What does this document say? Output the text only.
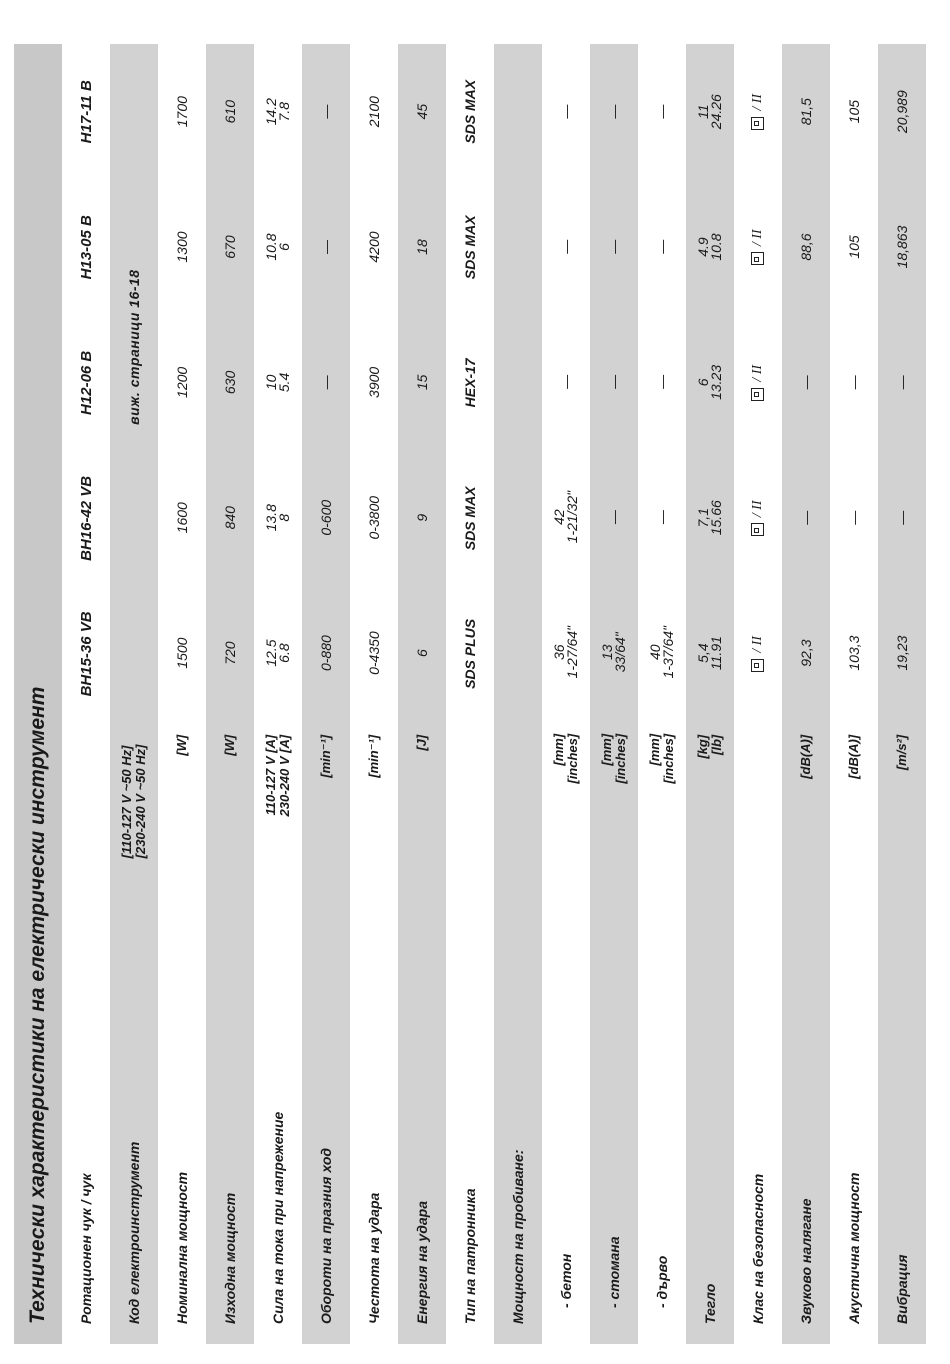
Технически характеристики на електрически инструмент	Ротационен чук / чук
BH15-36 VB
BH16-42 VB
H12-06 B
H13-05 B
H17-11 B
Код електроинструмент
[110-127 V ~50 Hz] [230-240 V ~50 Hz]
виж. страници 16-18
Номинална мощност
[W]
1500
1600
1200
1300
1700
Изходна мощност
[W]
720
840
630
670
610
Сила на тока при напрежение
110-127 V [A] 230-240 V [A]
12.5
6.8
13.8
8
10
5.4
10.8
6
14.2
7.8
Обороти на празния ход
[min⁻¹]
0-880
0-600
—
—
—
Честота на удара
[min⁻¹]
0-4350
0-3800
3900
4200
2100
Енергия на удара
[J]
6
9
15
18
45
Тип на патронника
SDS PLUS
SDS MAX
HEX-17
SDS MAX
SDS MAX
Мощност на пробиване: - бетон
[mm] [inches]
36
1-27/64"
42
1-21/32"
—
—
—
- стомана
[mm] [inches]
13
33/64"
—
—
—
—
- дърво
[mm] [inches]
40
1-37/64"
—
—
—
—
Тегло
[kg] [lb]
5,4
11.91
7,1
15.66
6
13.23
4.9
10.8
11
24.26
Клас на безопасност
/ II
/ II
/ II
/ II
/ II
Звуково налягане
[dB(A)]
92,3
—
—
88,6
81,5
Акустична мощност
[dB(A)]
103,3
—
—
105
105
Вибрация
[m/s²]
19,23
—
—
18,863
20,989
